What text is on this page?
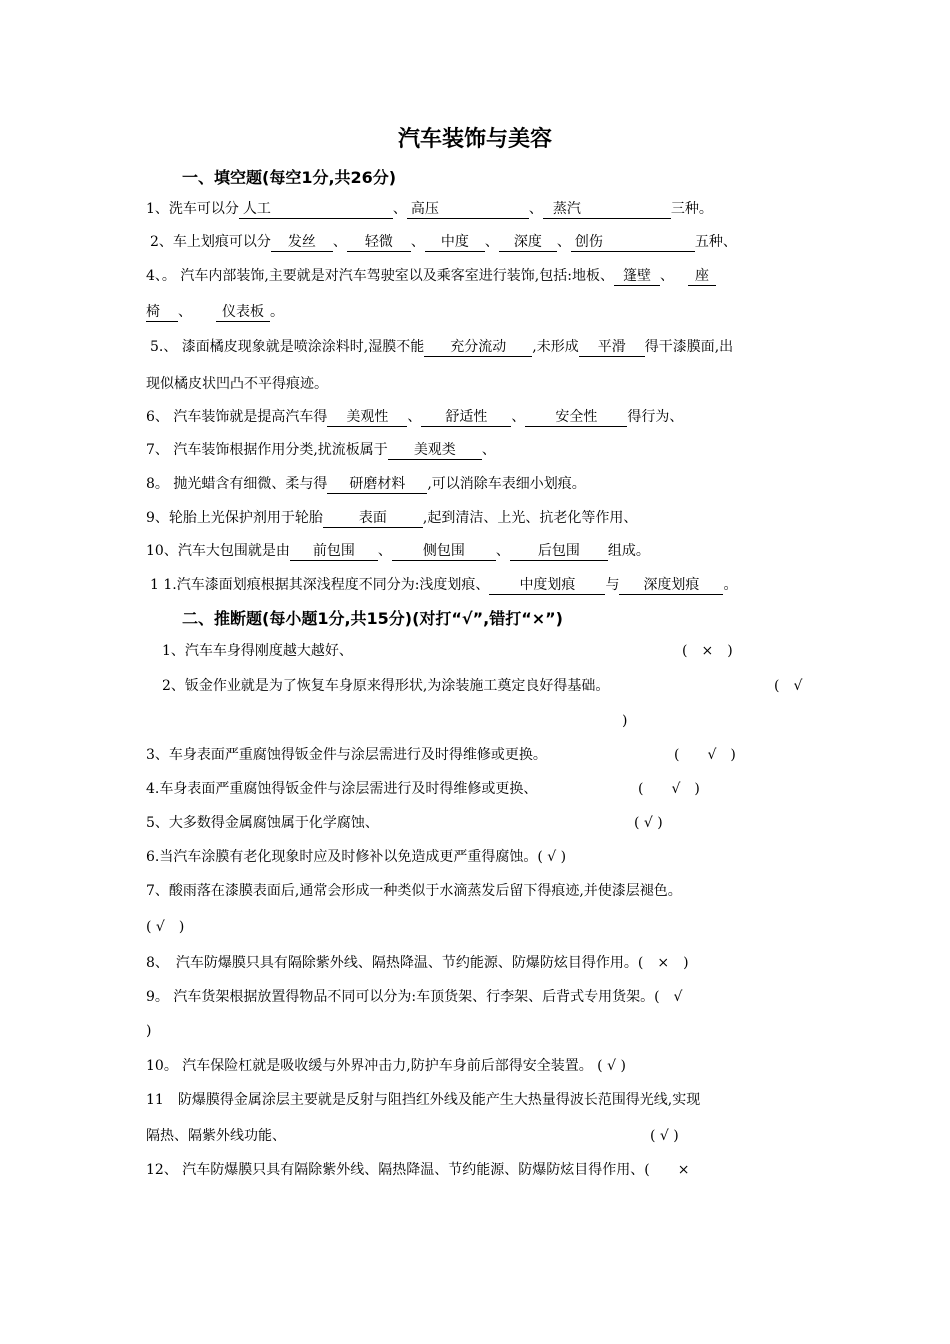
汽车装饰与美容
一、填空题(每空1分,共26分)
1、洗车可以分 人工	、 高压	、 蒸汽	三种。
2、车上划痕可以分 发丝 、 轻微 、 中度 、 深度 、 创伤	五种、
4、。 汽车内部装饰,主要就是对汽车驾驶室以及乘客室进行装饰,包括:地板、 篷壁 、 座
椅 、 仪表板 。
5.、 漆面橘皮现象就是喷涂涂料时,湿膜不能 充分流动 ,未形成 平滑 得干漆膜面,出
现似橘皮状凹凸不平得痕迹。
6、 汽车装饰就是提高汽车得 美观性 、 舒适性 、 安全性 得行为、
7、 汽车装饰根据作用分类,扰流板属于 美观类 、
8。 抛光蜡含有细微、柔与得 研磨材料 ,可以消除车表细小划痕。
9、轮胎上光保护剂用于轮胎	表面	,起到清洁、上光、抗老化等作用、
10、汽车大包围就是由 前包围 、 侧包围 、 后包围 组成。
1 1.汽车漆面划痕根据其深浅程度不同分为:浅度划痕、 中度划痕 与 深度划痕 。
二、推断题(每小题1分,共15分)(对打“√”,错打“×”)
1、汽车车身得刚度越大越好、	(　×　)
2、钣金作业就是为了恢复车身原来得形状,为涂装施工奠定良好得基础。	(　√
)
3、车身表面严重腐蚀得钣金件与涂层需进行及时得维修或更换。	(　　√　)
4.车身表面严重腐蚀得钣金件与涂层需进行及时得维修或更换、	(　　√　)
5、大多数得金属腐蚀属于化学腐蚀、	( √ )
6.当汽车涂膜有老化现象时应及时修补以免造成更严重得腐蚀。( √ )
7、酸雨落在漆膜表面后,通常会形成一种类似于水滴蒸发后留下得痕迹,并使漆层褪色。
( √　)
8、　汽车防爆膜只具有隔除紫外线、隔热降温、节约能源、防爆防炫目得作用。(　×　)
9。 汽车货架根据放置得物品不同可以分为:车顶货架、行李架、后背式专用货架。(　√
)
10。 汽车保险杠就是吸收缓与外界冲击力,防护车身前后部得安全装置。 ( √ )
11　防爆膜得金属涂层主要就是反射与阻挡红外线及能产生大热量得波长范围得光线,实现
隔热、隔紫外线功能、	( √ )
12、 汽车防爆膜只具有隔除紫外线、隔热降温、节约能源、防爆防炫目得作用、(　　×
